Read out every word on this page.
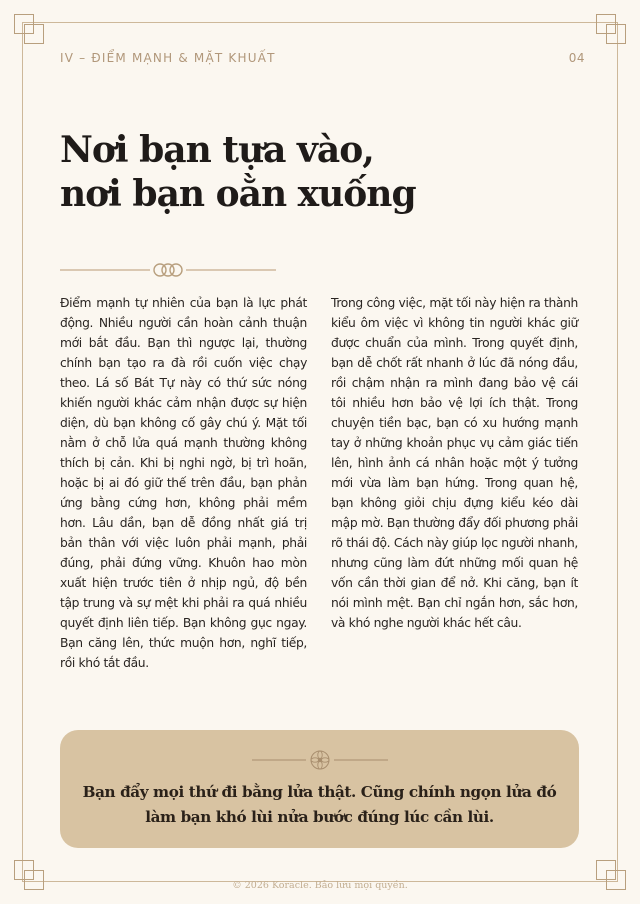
IV – ĐIỂM MẠNH & MẶT KHUẤT	04
Nơi bạn tựa vào,
nơi bạn oằn xuống

Điểm mạnh tự nhiên của bạn là lực phát động. Nhiều người cần hoàn cảnh thuận mới bắt đầu. Bạn thì ngược lại, thường chính bạn tạo ra đà rồi cuốn việc chạy theo. Lá số Bát Tự này có thứ sức nóng khiến người khác cảm nhận được sự hiện diện, dù bạn không cố gây chú ý. Mặt tối nằm ở chỗ lửa quá mạnh thường không thích bị cản. Khi bị nghi ngờ, bị trì hoãn, hoặc bị ai đó giữ thế trên đầu, bạn phản ứng bằng cứng hơn, không phải mềm hơn. Lâu dần, bạn dễ đồng nhất giá trị bản thân với việc luôn phải mạnh, phải đúng, phải đứng vững. Khuôn hao mòn xuất hiện trước tiên ở nhịp ngủ, độ bền tập trung và sự mệt khi phải ra quá nhiều quyết định liên tiếp. Bạn không gục ngay. Bạn căng lên, thức muộn hơn, nghĩ tiếp, rồi khó tắt đầu.

Trong công việc, mặt tối này hiện ra thành kiểu ôm việc vì không tin người khác giữ được chuẩn của mình. Trong quyết định, bạn dễ chốt rất nhanh ở lúc đã nóng đầu, rồi chậm nhận ra mình đang bảo vệ cái tôi nhiều hơn bảo vệ lợi ích thật. Trong chuyện tiền bạc, bạn có xu hướng mạnh tay ở những khoản phục vụ cảm giác tiến lên, hình ảnh cá nhân hoặc một ý tưởng mới vừa làm bạn hứng. Trong quan hệ, bạn không giỏi chịu đựng kiểu kéo dài mập mờ. Bạn thường đẩy đối phương phải rõ thái độ. Cách này giúp lọc người nhanh, nhưng cũng làm đứt những mối quan hệ vốn cần thời gian để nở. Khi căng, bạn ít nói mình mệt. Bạn chỉ ngắn hơn, sắc hơn, và khó nghe người khác hết câu.

Bạn đẩy mọi thứ đi bằng lửa thật. Cũng chính ngọn lửa đó
làm bạn khó lùi nửa bước đúng lúc cần lùi.

© 2026 Koracle. Bảo lưu mọi quyền.
